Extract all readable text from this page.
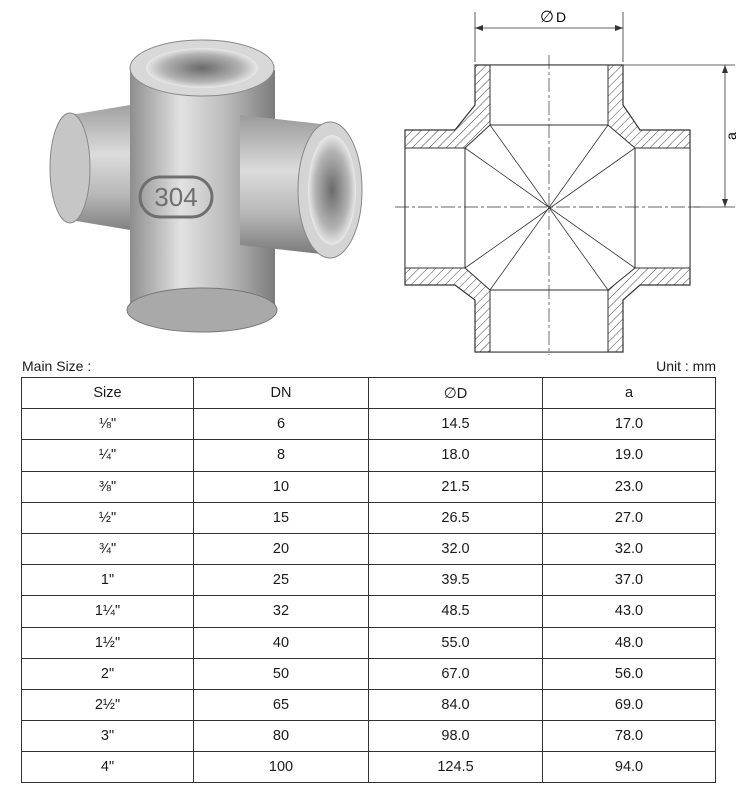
304
∅ D
a
Main Size :	Unit : mm
Size	DN	∅D	a
⅛"	6	14.5	17.0
¼"	8	18.0	19.0
⅜"	10	21.5	23.0
½"	15	26.5	27.0
¾"	20	32.0	32.0
1"	25	39.5	37.0
1¼"	32	48.5	43.0
1½"	40	55.0	48.0
2"	50	67.0	56.0
2½"	65	84.0	69.0
3"	80	98.0	78.0
4"	100	124.5	94.0
